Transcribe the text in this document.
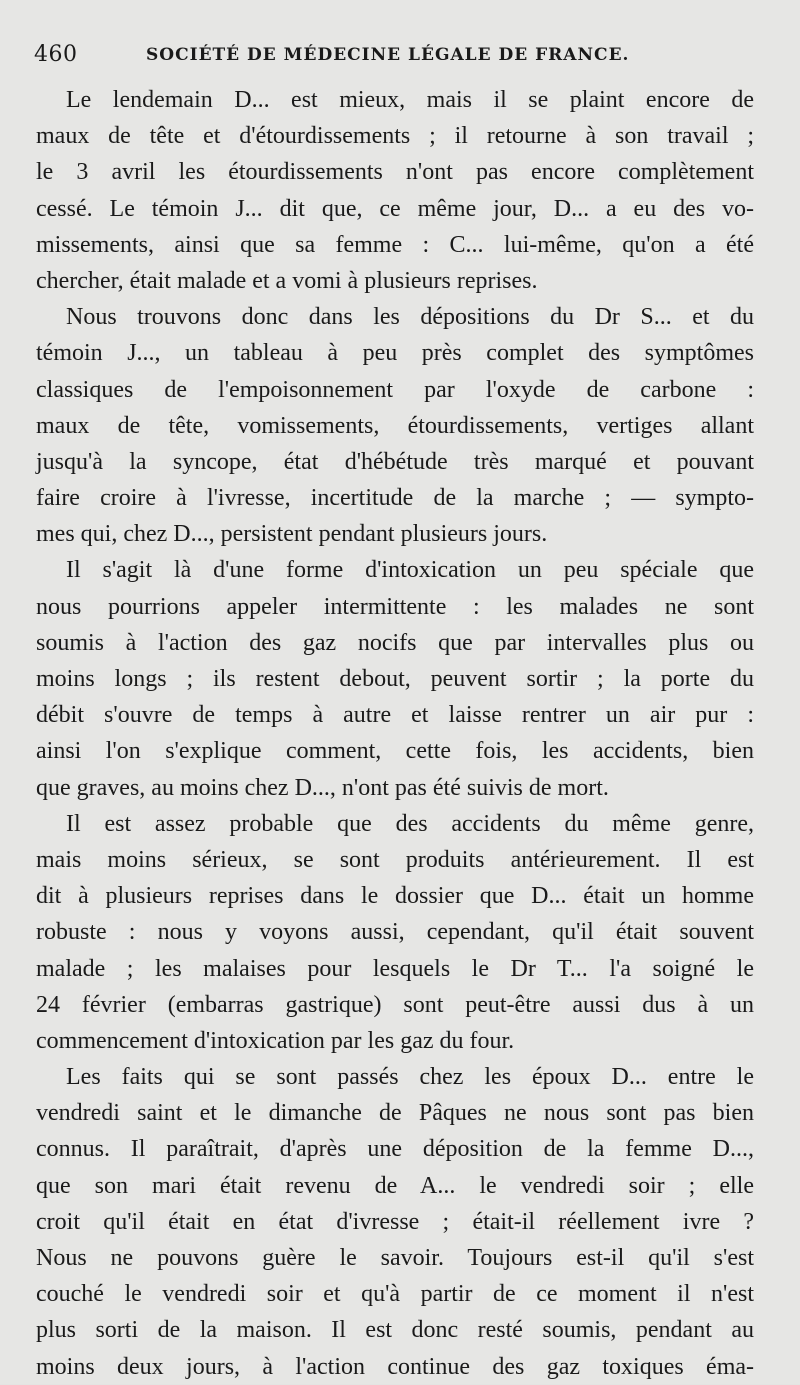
460	SOCIÉTÉ DE MÉDECINE LÉGALE DE FRANCE.
Le lendemain D... est mieux, mais il se plaint encore de
maux de tête et d'étourdissements ; il retourne à son travail ;
le 3 avril les étourdissements n'ont pas encore complètement
cessé. Le témoin J... dit que, ce même jour, D... a eu des vo-
missements, ainsi que sa femme : C... lui-même, qu'on a été
chercher, était malade et a vomi à plusieurs reprises.
Nous trouvons donc dans les dépositions du Dr S... et du
témoin J..., un tableau à peu près complet des symptômes
classiques de l'empoisonnement par l'oxyde de carbone :
maux de tête, vomissements, étourdissements, vertiges allant
jusqu'à la syncope, état d'hébétude très marqué et pouvant
faire croire à l'ivresse, incertitude de la marche ; — sympto-
mes qui, chez D..., persistent pendant plusieurs jours.
Il s'agit là d'une forme d'intoxication un peu spéciale que
nous pourrions appeler intermittente : les malades ne sont
soumis à l'action des gaz nocifs que par intervalles plus ou
moins longs ; ils restent debout, peuvent sortir ; la porte du
débit s'ouvre de temps à autre et laisse rentrer un air pur :
ainsi l'on s'explique comment, cette fois, les accidents, bien
que graves, au moins chez D..., n'ont pas été suivis de mort.
Il est assez probable que des accidents du même genre,
mais moins sérieux, se sont produits antérieurement. Il est
dit à plusieurs reprises dans le dossier que D... était un homme
robuste : nous y voyons aussi, cependant, qu'il était souvent
malade ; les malaises pour lesquels le Dr T... l'a soigné le
24 février (embarras gastrique) sont peut-être aussi dus à un
commencement d'intoxication par les gaz du four.
Les faits qui se sont passés chez les époux D... entre le
vendredi saint et le dimanche de Pâques ne nous sont pas bien
connus. Il paraîtrait, d'après une déposition de la femme D...,
que son mari était revenu de A... le vendredi soir ; elle
croit qu'il était en état d'ivresse ; était-il réellement ivre ?
Nous ne pouvons guère le savoir. Toujours est-il qu'il s'est
couché le vendredi soir et qu'à partir de ce moment il n'est
plus sorti de la maison. Il est donc resté soumis, pendant au
moins deux jours, à l'action continue des gaz toxiques éma-
